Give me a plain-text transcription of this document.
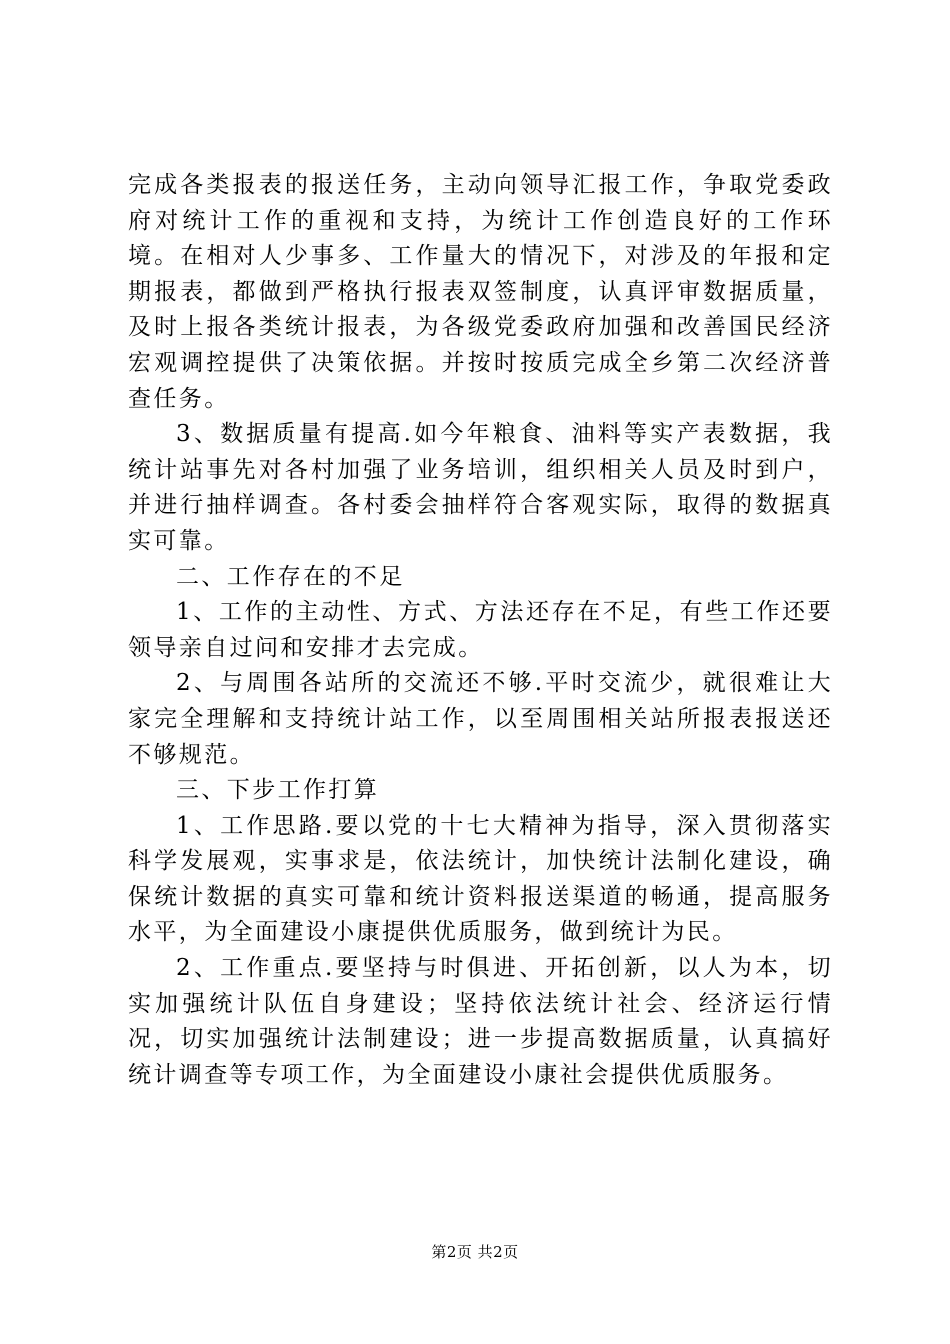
完成各类报表的报送任务，主动向领导汇报工作，争取党委政府对统计工作的重视和支持，为统计工作创造良好的工作环境。在相对人少事多、工作量大的情况下，对涉及的年报和定期报表，都做到严格执行报表双签制度，认真评审数据质量，及时上报各类统计报表，为各级党委政府加强和改善国民经济宏观调控提供了决策依据。并按时按质完成全乡第二次经济普查任务。

3、数据质量有提高.如今年粮食、油料等实产表数据，我统计站事先对各村加强了业务培训，组织相关人员及时到户，并进行抽样调查。各村委会抽样符合客观实际，取得的数据真实可靠。

二、工作存在的不足

1、工作的主动性、方式、方法还存在不足，有些工作还要领导亲自过问和安排才去完成。

2、与周围各站所的交流还不够.平时交流少，就很难让大家完全理解和支持统计站工作，以至周围相关站所报表报送还不够规范。

三、下步工作打算

1、工作思路.要以党的十七大精神为指导，深入贯彻落实科学发展观，实事求是，依法统计，加快统计法制化建设，确保统计数据的真实可靠和统计资料报送渠道的畅通，提高服务水平，为全面建设小康提供优质服务，做到统计为民。

2、工作重点.要坚持与时俱进、开拓创新，以人为本，切实加强统计队伍自身建设；坚持依法统计社会、经济运行情况，切实加强统计法制建设；进一步提高数据质量，认真搞好统计调查等专项工作，为全面建设小康社会提供优质服务。

第2页 共2页
